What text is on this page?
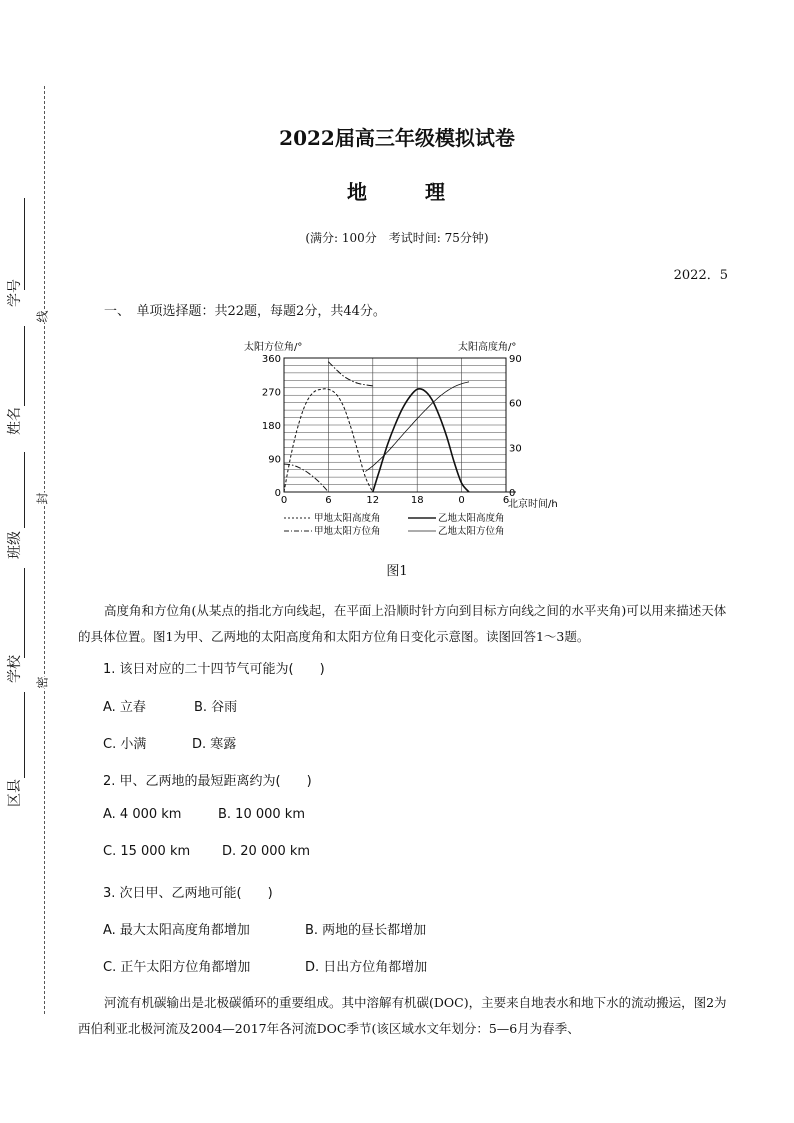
学号
姓名
班级
学校
区县
线
封
密
2022届高三年级模拟试卷
地	理
(满分: 100分　考试时间: 75分钟)
2022．5
一、　单项选择题：共22题，每题2分，共44分。
0	6	12	18	0	6
0
90
180
270
360
0
30
60
90
太阳方位角/°	太阳高度角/°
北京时间/h
甲地太阳高度角	乙地太阳高度角
甲地太阳方位角	乙地太阳方位角
图1
高度角和方位角(从某点的指北方向线起，在平面上沿顺时针方向到目标方向线之间的水平夹角)可以用来描述天体的具体位置。图1为甲、乙两地的太阳高度角和太阳方位角日变化示意图。读图回答1～3题。
1. 该日对应的二十四节气可能为(　　)
A. 立春	B. 谷雨
C. 小满	D. 寒露
2. 甲、乙两地的最短距离约为(　　)
A. 4 000 km	B. 10 000 km
C. 15 000 km D. 20 000 km
3. 次日甲、乙两地可能(　　)
A. 最大太阳高度角都增加	B. 两地的昼长都增加
C. 正午太阳方位角都增加	D. 日出方位角都增加
河流有机碳输出是北极碳循环的重要组成。其中溶解有机碳(DOC)，主要来自地表水和地下水的流动搬运，图2为西伯利亚北极河流及2004—2017年各河流DOC季节(该区域水文年划分：5—6月为春季、
